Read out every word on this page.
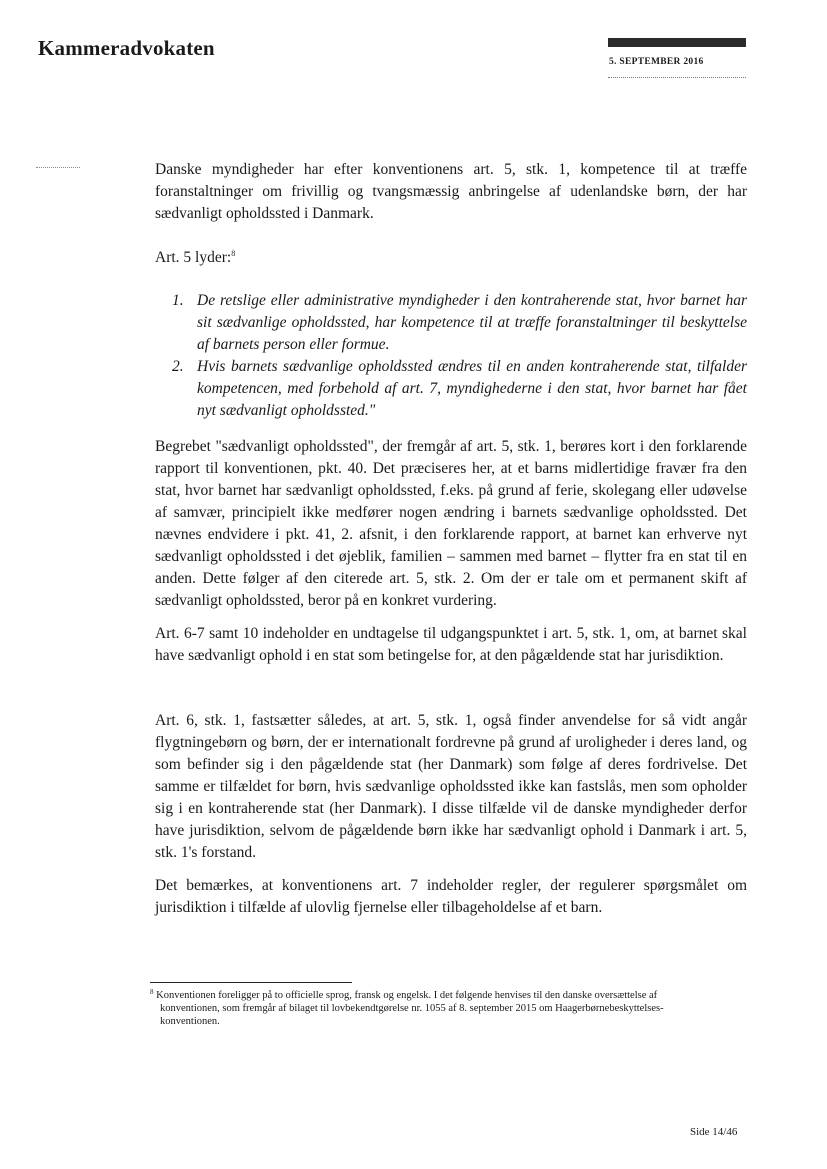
Kammeradvokaten
5. SEPTEMBER 2016

Danske myndigheder har efter konventionens art. 5, stk. 1, kompetence til at træffe foranstaltninger om frivillig og tvangsmæssig anbringelse af udenlandske børn, der har sædvanligt opholdssted i Danmark.

Art. 5 lyder:$^8$

1. De retslige eller administrative myndigheder i den kontraherende stat, hvor barnet har sit sædvanlige opholdssted, har kompetence til at træffe foranstaltninger til beskyttelse af barnets person eller formue.
2. Hvis barnets sædvanlige opholdssted ændres til en anden kontraherende stat, tilfalder kompetencen, med forbehold af art. 7, myndighederne i den stat, hvor barnet har fået nyt sædvanligt opholdssted."

Begrebet "sædvanligt opholdssted", der fremgår af art. 5, stk. 1, berøres kort i den forklarende rapport til konventionen, pkt. 40. Det præciseres her, at et barns midlertidige fravær fra den stat, hvor barnet har sædvanligt opholdssted, f.eks. på grund af ferie, skolegang eller udøvelse af samvær, principielt ikke medfører nogen ændring i barnets sædvanlige opholdssted. Det nævnes endvidere i pkt. 41, 2. afsnit, i den forklarende rapport, at barnet kan erhverve nyt sædvanligt opholdssted i det øjeblik, familien – sammen med barnet – flytter fra en stat til en anden. Dette følger af den citerede art. 5, stk. 2. Om der er tale om et permanent skift af sædvanligt opholdssted, beror på en konkret vurdering.

Art. 6-7 samt 10 indeholder en undtagelse til udgangspunktet i art. 5, stk. 1, om, at barnet skal have sædvanligt ophold i en stat som betingelse for, at den pågældende stat har jurisdiktion.

Art. 6, stk. 1, fastsætter således, at art. 5, stk. 1, også finder anvendelse for så vidt angår flygtningebørn og børn, der er internationalt fordrevne på grund af uroligheder i deres land, og som befinder sig i den pågældende stat (her Danmark) som følge af deres fordrivelse. Det samme er tilfældet for børn, hvis sædvanlige opholdssted ikke kan fastslås, men som opholder sig i en kontraherende stat (her Danmark). I disse tilfælde vil de danske myndigheder derfor have jurisdiktion, selvom de pågældende børn ikke har sædvanligt ophold i Danmark i art. 5, stk. 1's forstand.

Det bemærkes, at konventionens art. 7 indeholder regler, der regulerer spørgsmålet om jurisdiktion i tilfælde af ulovlig fjernelse eller tilbageholdelse af et barn.

$^8$ Konventionen foreligger på to officielle sprog, fransk og engelsk. I det følgende henvises til den danske oversættelse af
konventionen, som fremgår af bilaget til lovbekendtgørelse nr. 1055 af 8. september 2015 om Haagerbørnebeskyttelses-
konventionen.
Side 14/46
